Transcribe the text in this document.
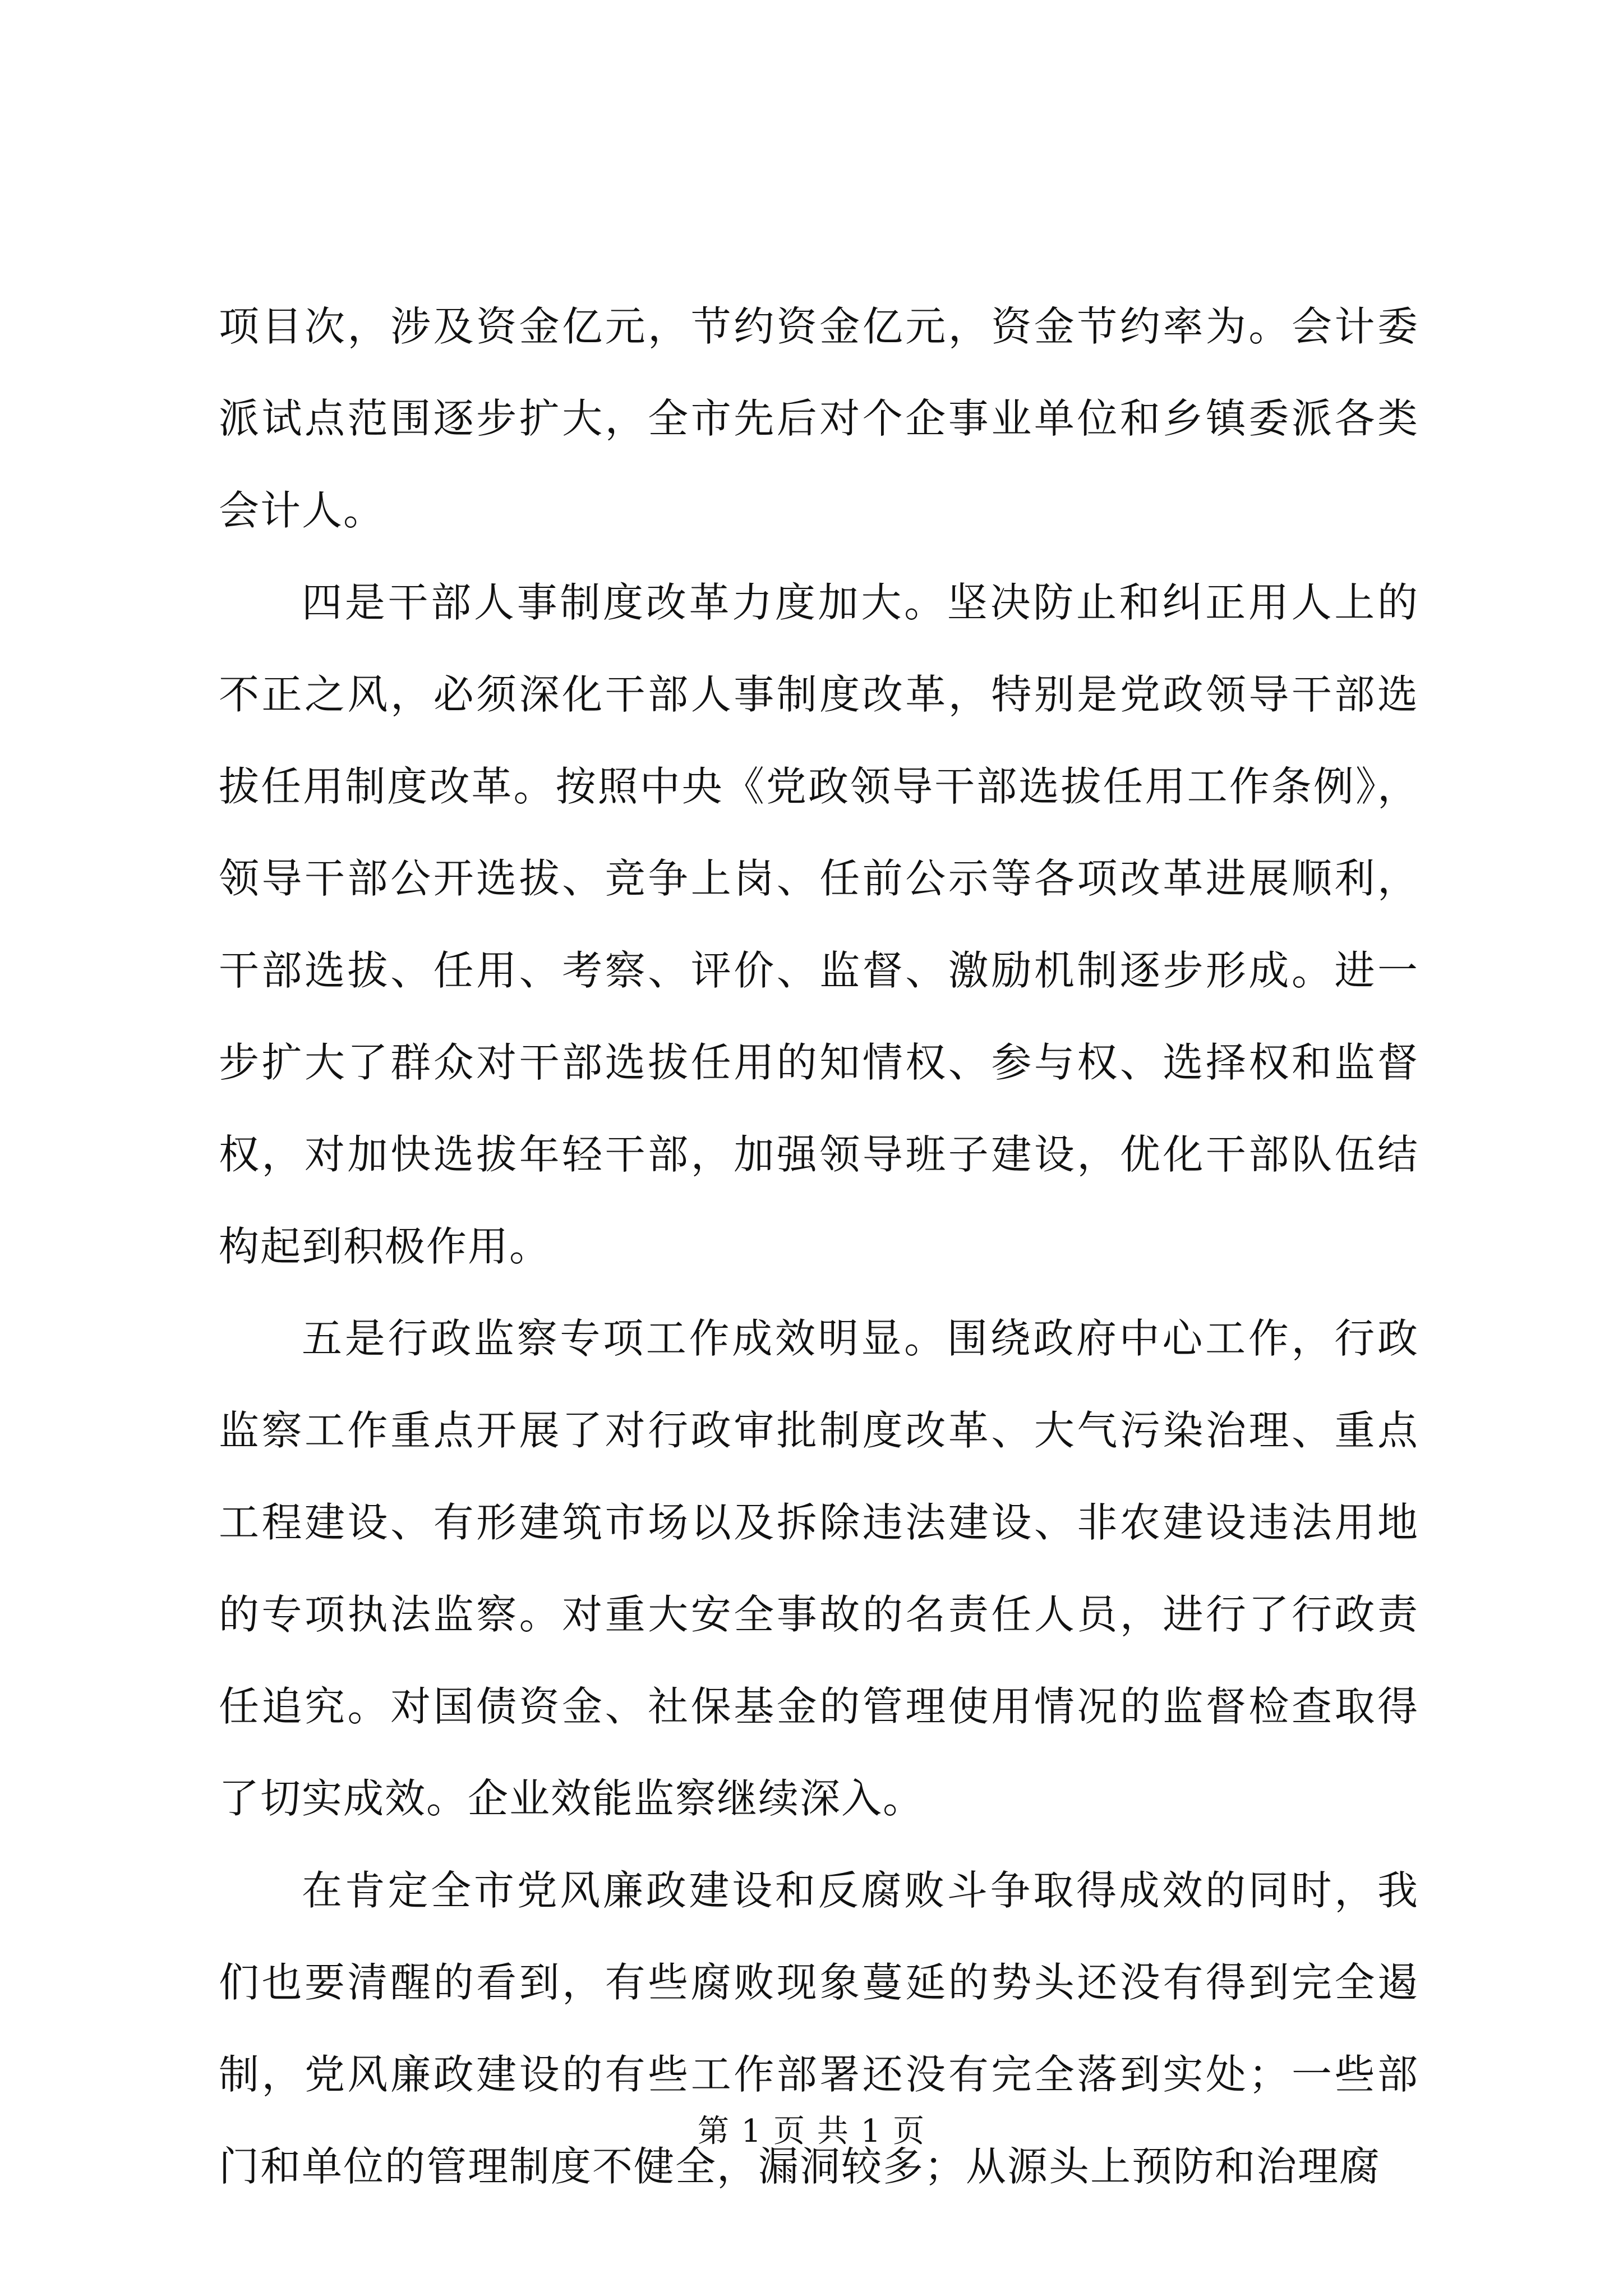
项目次，涉及资金亿元，节约资金亿元，资金节约率为。会计委派试点范围逐步扩大，全市先后对个企事业单位和乡镇委派各类会计人。

四是干部人事制度改革力度加大。坚决防止和纠正用人上的不正之风，必须深化干部人事制度改革，特别是党政领导干部选拔任用制度改革。按照中央《党政领导干部选拔任用工作条例》，领导干部公开选拔、竞争上岗、任前公示等各项改革进展顺利，干部选拔、任用、考察、评价、监督、激励机制逐步形成。进一步扩大了群众对干部选拔任用的知情权、参与权、选择权和监督权，对加快选拔年轻干部，加强领导班子建设，优化干部队伍结构起到积极作用。

五是行政监察专项工作成效明显。围绕政府中心工作，行政监察工作重点开展了对行政审批制度改革、大气污染治理、重点工程建设、有形建筑市场以及拆除违法建设、非农建设违法用地的专项执法监察。对重大安全事故的名责任人员，进行了行政责任追究。对国债资金、社保基金的管理使用情况的监督检查取得了切实成效。企业效能监察继续深入。

在肯定全市党风廉政建设和反腐败斗争取得成效的同时，我们也要清醒的看到，有些腐败现象蔓延的势头还没有得到完全遏制，党风廉政建设的有些工作部署还没有完全落到实处；一些部门和单位的管理制度不健全，漏洞较多；从源头上预防和治理腐

第 1 页 共 1 页
